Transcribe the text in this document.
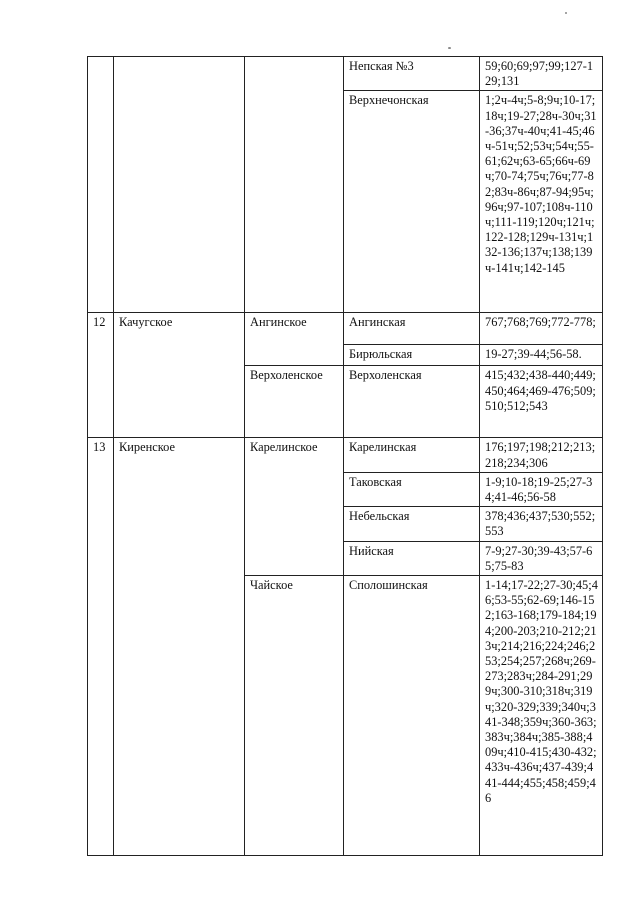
			Непская №3	59;60;69;97;99;127-129;131
			Верхнечонская	1;2ч-4ч;5-8;9ч;10-17;18ч;19-27;28ч-30ч;31-36;37ч-40ч;41-45;46ч-51ч;52;53ч;54ч;55-61;62ч;63-65;66ч-69ч;70-74;75ч;76ч;77-82;83ч-86ч;87-94;95ч;96ч;97-107;108ч-110ч;111-119;120ч;121ч;122-128;129ч-131ч;132-136;137ч;138;139ч-141ч;142-145
12	Качугское	Ангинское	Ангинская	767;768;769;772-778;
			Бирюльская	19-27;39-44;56-58.
		Верхоленское	Верхоленская	415;432;438-440;449;450;464;469-476;509;510;512;543
13	Киренское	Карелинское	Карелинская	176;197;198;212;213;218;234;306
			Таковская	1-9;10-18;19-25;27-34;41-46;56-58
			Небельская	378;436;437;530;552;553
			Нийская	7-9;27-30;39-43;57-65;75-83
		Чайское	Сполошинская	1-14;17-22;27-30;45;46;53-55;62-69;146-152;163-168;179-184;194;200-203;210-212;213ч;214;216;224;246;253;254;257;268ч;269-273;283ч;284-291;299ч;300-310;318ч;319ч;320-329;339;340ч;341-348;359ч;360-363;383ч;384ч;385-388;409ч;410-415;430-432;433ч-436ч;437-439;441-444;455;458;459;46
